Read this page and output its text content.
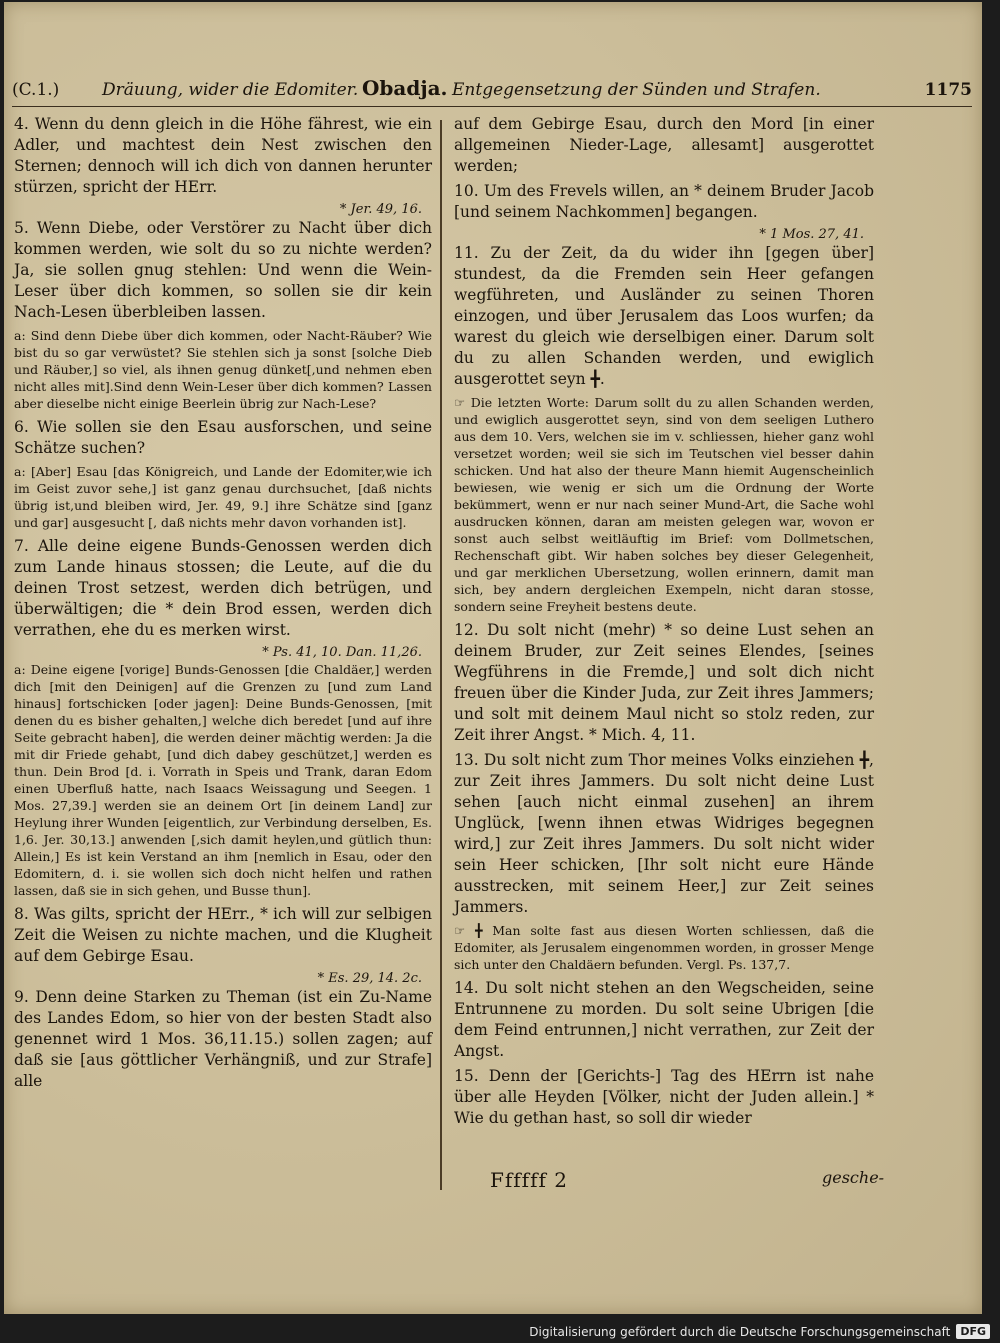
(C.1.)	Dräuung, wider die Edomiter. Obadja. Entgegensetzung der Sünden und Strafen.	1175

4. Wenn du denn gleich in die Höhe fährest, wie ein Adler, und machtest dein Nest zwischen den Sternen; dennoch will ich dich von dannen herunter stürzen, spricht der HErr.

* Jer. 49, 16.

5. Wenn Diebe, oder Verstörer zu Nacht über dich kommen werden, wie solt du so zu nichte werden? Ja, sie sollen gnug stehlen: Und wenn die Wein-Leser über dich kommen, so sollen sie dir kein Nach-Lesen überbleiben lassen.

a: Sind denn Diebe über dich kommen, oder Nacht-Räuber? Wie bist du so gar verwüstet? Sie stehlen sich ja sonst [solche Dieb und Räuber,] so viel, als ihnen genug dünket[,und nehmen eben nicht alles mit].Sind denn Wein-Leser über dich kommen? Lassen aber dieselbe nicht einige Beerlein übrig zur Nach-Lese?

6. Wie sollen sie den Esau ausforschen, und seine Schätze suchen?

a: [Aber] Esau [das Königreich, und Lande der Edomiter,wie ich im Geist zuvor sehe,] ist ganz genau durchsuchet, [daß nichts übrig ist,und bleiben wird, Jer. 49, 9.] ihre Schätze sind [ganz und gar] ausgesucht [, daß nichts mehr davon vorhanden ist].

7. Alle deine eigene Bunds-Genossen werden dich zum Lande hinaus stossen; die Leute, auf die du deinen Trost setzest, werden dich betrügen, und überwältigen; die * dein Brod essen, werden dich verrathen, ehe du es merken wirst.

* Ps. 41, 10. Dan. 11,26.

a: Deine eigene [vorige] Bunds-Genossen [die Chaldäer,] werden dich [mit den Deinigen] auf die Grenzen zu [und zum Land hinaus] fortschicken [oder jagen]: Deine Bunds-Genossen, [mit denen du es bisher gehalten,] welche dich beredet [und auf ihre Seite gebracht haben], die werden deiner mächtig werden: Ja die mit dir Friede gehabt, [und dich dabey geschützet,] werden es thun. Dein Brod [d. i. Vorrath in Speis und Trank, daran Edom einen Uberfluß hatte, nach Isaacs Weissagung und Seegen. 1 Mos. 27,39.] werden sie an deinem Ort [in deinem Land] zur Heylung ihrer Wunden [eigentlich, zur Verbindung derselben, Es. 1,6. Jer. 30,13.] anwenden [,sich damit heylen,und gütlich thun: Allein,] Es ist kein Verstand an ihm [nemlich in Esau, oder den Edomitern, d. i. sie wollen sich doch nicht helfen und rathen lassen, daß sie in sich gehen, und Busse thun].

8. Was gilts, spricht der HErr., * ich will zur selbigen Zeit die Weisen zu nichte machen, und die Klugheit auf dem Gebirge Esau.

* Es. 29, 14. 2c.

9. Denn deine Starken zu Theman (ist ein Zu-Name des Landes Edom, so hier von der besten Stadt also genennet wird 1 Mos. 36,11.15.) sollen zagen; auf daß sie [aus göttlicher Verhängniß, und zur Strafe] alle

auf dem Gebirge Esau, durch den Mord [in einer allgemeinen Nieder-Lage, allesamt] ausgerottet werden;

10. Um des Frevels willen, an * deinem Bruder Jacob [und seinem Nachkommen] begangen.

* 1 Mos. 27, 41.

11. Zu der Zeit, da du wider ihn [gegen über] stundest, da die Fremden sein Heer gefangen wegführeten, und Ausländer zu seinen Thoren einzogen, und über Jerusalem das Loos wurfen; da warest du gleich wie derselbigen einer. Darum solt du zu allen Schanden werden, und ewiglich ausgerottet seyn ╋.

☞ Die letzten Worte: Darum sollt du zu allen Schanden werden, und ewiglich ausgerottet seyn, sind von dem seeligen Luthero aus dem 10. Vers, welchen sie im v. schliessen, hieher ganz wohl versetzet worden; weil sie sich im Teutschen viel besser dahin schicken. Und hat also der theure Mann hiemit Augenscheinlich bewiesen, wie wenig er sich um die Ordnung der Worte bekümmert, wenn er nur nach seiner Mund-Art, die Sache wohl ausdrucken können, daran am meisten gelegen war, wovon er sonst auch selbst weitläuftig im Brief: vom Dollmetschen, Rechenschaft gibt. Wir haben solches bey dieser Gelegenheit, und gar merklichen Ubersetzung, wollen erinnern, damit man sich, bey andern dergleichen Exempeln, nicht daran stosse, sondern seine Freyheit bestens deute.

12. Du solt nicht (mehr) * so deine Lust sehen an deinem Bruder, zur Zeit seines Elendes, [seines Wegführens in die Fremde,] und solt dich nicht freuen über die Kinder Juda, zur Zeit ihres Jammers; und solt mit deinem Maul nicht so stolz reden, zur Zeit ihrer Angst. * Mich. 4, 11.

13. Du solt nicht zum Thor meines Volks einziehen ╋, zur Zeit ihres Jammers. Du solt nicht deine Lust sehen [auch nicht einmal zusehen] an ihrem Unglück, [wenn ihnen etwas Widriges begegnen wird,] zur Zeit ihres Jammers. Du solt nicht wider sein Heer schicken, [Ihr solt nicht eure Hände ausstrecken, mit seinem Heer,] zur Zeit seines Jammers.

☞ ╋ Man solte fast aus diesen Worten schliessen, daß die Edomiter, als Jerusalem eingenommen worden, in grosser Menge sich unter den Chaldäern befunden. Vergl. Ps. 137,7.

14. Du solt nicht stehen an den Wegscheiden, seine Entrunnene zu morden. Du solt seine Ubrigen [die dem Feind entrunnen,] nicht verrathen, zur Zeit der Angst.

15. Denn der [Gerichts-] Tag des HErrn ist nahe über alle Heyden [Völker, nicht der Juden allein.] * Wie du gethan hast, so soll dir wieder

Ffffff 2	gesche-
Digitalisierung gefördert durch die Deutsche Forschungsgemeinschaft DFG
